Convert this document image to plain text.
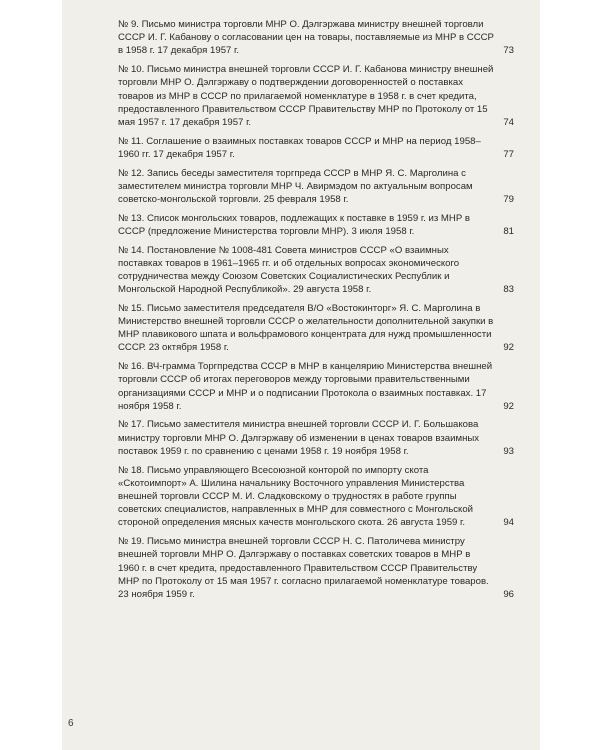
№ 9. Письмо министра торговли МНР О. Дэлгэржава министру внешней торговли СССР И. Г. Кабанову о согласовании цен на товары, поставляемые из МНР в СССР в 1958 г. 17 декабря 1957 г.	73
№ 10. Письмо министра внешней торговли СССР И. Г. Кабанова министру внешней торговли МНР О. Дэлгэржаву о подтверждении договоренностей о поставках товаров из МНР в СССР по прилагаемой номенклатуре в 1958 г. в счет кредита, предоставленного Правительством СССР Правительству МНР по Протоколу от 15 мая 1957 г. 17 декабря 1957 г.	74
№ 11. Соглашение о взаимных поставках товаров СССР и МНР на период 1958–1960 гг. 17 декабря 1957 г.	77
№ 12. Запись беседы заместителя торгпреда СССР в МНР Я. С. Марголина с заместителем министра торговли МНР Ч. Авирмэдом по актуальным вопросам советско-монгольской торговли. 25 февраля 1958 г.	79
№ 13. Список монгольских товаров, подлежащих к поставке в 1959 г. из МНР в СССР (предложение Министерства торговли МНР). 3 июля 1958 г.	81
№ 14. Постановление № 1008-481 Совета министров СССР «О взаимных поставках товаров в 1961–1965 гг. и об отдельных вопросах экономического сотрудничества между Союзом Советских Социалистических Республик и Монгольской Народной Республикой». 29 августа 1958 г.	83
№ 15. Письмо заместителя председателя В/О «Востокинторг» Я. С. Марголина в Министерство внешней торговли СССР о желательности дополнительной закупки в МНР плавикового шпата и вольфрамового концентрата для нужд промышленности СССР. 23 октября 1958 г.	92
№ 16. ВЧ-грамма Торгпредства СССР в МНР в канцелярию Министерства внешней торговли СССР об итогах переговоров между торговыми правительственными организациями СССР и МНР и о подписании Протокола о взаимных поставках. 17 ноября 1958 г.	92
№ 17. Письмо заместителя министра внешней торговли СССР И. Г. Большакова министру торговли МНР О. Дэлгэржаву об изменении в ценах товаров взаимных поставок 1959 г. по сравнению с ценами 1958 г. 19 ноября 1958 г.	93
№ 18. Письмо управляющего Всесоюзной конторой по импорту скота «Скотоимпорт» А. Шилина начальнику Восточного управления Министерства внешней торговли СССР М. И. Сладковскому о трудностях в работе группы советских специалистов, направленных в МНР для совместного с Монгольской стороной определения мясных качеств монгольского скота. 26 августа 1959 г.	94
№ 19. Письмо министра внешней торговли СССР Н. С. Патоличева министру внешней торговли МНР О. Дэлгэржаву о поставках советских товаров в МНР в 1960 г. в счет кредита, предоставленного Правительством СССР Правительству МНР по Протоколу от 15 мая 1957 г. согласно прилагаемой номенклатуре товаров. 23 ноября 1959 г.	96
6
